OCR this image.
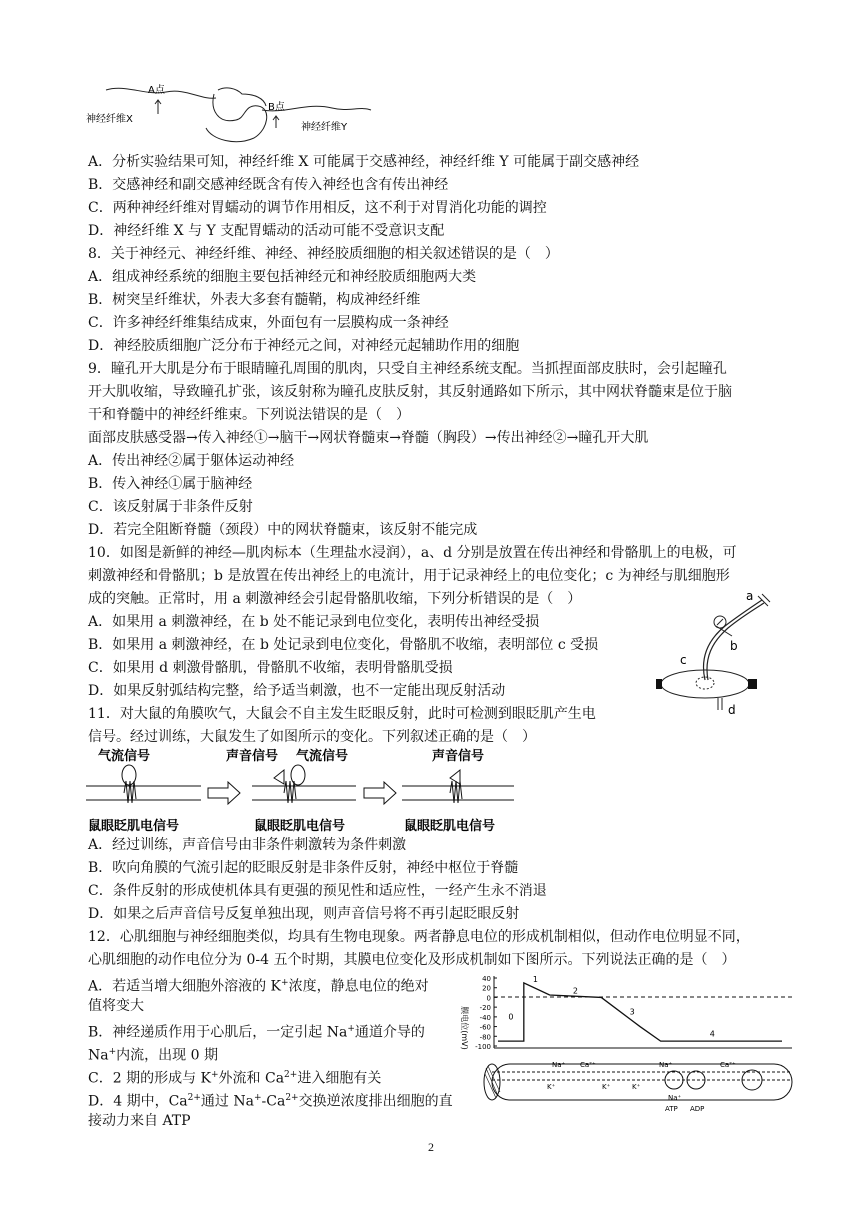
A点
B点
神经纤维X
神经纤维Y
A．分析实验结果可知，神经纤维 X 可能属于交感神经，神经纤维 Y 可能属于副交感神经
B．交感神经和副交感神经既含有传入神经也含有传出神经
C．两种神经纤维对胃蠕动的调节作用相反，这不利于对胃消化功能的调控
D．神经纤维 X 与 Y 支配胃蠕动的活动可能不受意识支配
8．关于神经元、神经纤维、神经、神经胶质细胞的相关叙述错误的是（　）
A．组成神经系统的细胞主要包括神经元和神经胶质细胞两大类
B．树突呈纤维状，外表大多套有髓鞘，构成神经纤维
C．许多神经纤维集结成束，外面包有一层膜构成一条神经
D．神经胶质细胞广泛分布于神经元之间，对神经元起辅助作用的细胞
9．瞳孔开大肌是分布于眼睛瞳孔周围的肌肉，只受自主神经系统支配。当抓捏面部皮肤时，会引起瞳孔
开大肌收缩，导致瞳孔扩张，该反射称为瞳孔皮肤反射，其反射通路如下所示，其中网状脊髓束是位于脑
干和脊髓中的神经纤维束。下列说法错误的是（　）
面部皮肤感受器→传入神经①→脑干→网状脊髓束→脊髓（胸段）→传出神经②→瞳孔开大肌
A．传出神经②属于躯体运动神经
B．传入神经①属于脑神经
C．该反射属于非条件反射
D．若完全阻断脊髓（颈段）中的网状脊髓束，该反射不能完成
10．如图是新鲜的神经—肌肉标本（生理盐水浸润），a、d 分别是放置在传出神经和骨骼肌上的电极，可
刺激神经和骨骼肌；b 是放置在传出神经上的电流计，用于记录神经上的电位变化；c 为神经与肌细胞形
成的突触。正常时，用 a 刺激神经会引起骨骼肌收缩，下列分析错误的是（　）
A．如果用 a 刺激神经，在 b 处不能记录到电位变化，表明传出神经受损
B．如果用 a 刺激神经，在 b 处记录到电位变化，骨骼肌不收缩，表明部位 c 受损
C．如果用 d 刺激骨骼肌，骨骼肌不收缩，表明骨骼肌受损
D．如果反射弧结构完整，给予适当刺激，也不一定能出现反射活动
a
b
c
d
11．对大鼠的角膜吹气，大鼠会不自主发生眨眼反射，此时可检测到眼眨肌产生电
信号。经过训练，大鼠发生了如图所示的变化。下列叙述正确的是（　）
气流信号
鼠眼眨肌电信号
声音信号 气流信号
鼠眼眨肌电信号
声音信号
鼠眼眨肌电信号
A．经过训练，声音信号由非条件刺激转为条件刺激
B．吹向角膜的气流引起的眨眼反射是非条件反射，神经中枢位于脊髓
C．条件反射的形成使机体具有更强的预见性和适应性，一经产生永不消退
D．如果之后声音信号反复单独出现，则声音信号将不再引起眨眼反射
12．心肌细胞与神经细胞类似，均具有生物电现象。两者静息电位的形成机制相似，但动作电位明显不同，
心肌细胞的动作电位分为 0-4 五个时期，其膜电位变化及形成机制如下图所示。下列说法正确的是（　）
A．若适当增大细胞外溶液的 K+浓度，静息电位的绝对
值将变大
B．神经递质作用于心肌后，一定引起 Na+通道介导的
Na+内流，出现 0 期
C．2 期的形成与 K+外流和 $Ca^{2+}$进入细胞有关
D．4 期中，$Ca^{2+}$通过 $Na^+-Ca^{2+}$交换逆浓度排出细胞的直
接动力来自 ATP
膜电位(mV)
40
20
0
-20
-40
-60
-80
-100
0
1
2
3
4
Na⁺
K⁺
Ca²⁺
K⁺	K⁺
Na⁺
Na⁺
Ca²⁺
ATP ADP
2
